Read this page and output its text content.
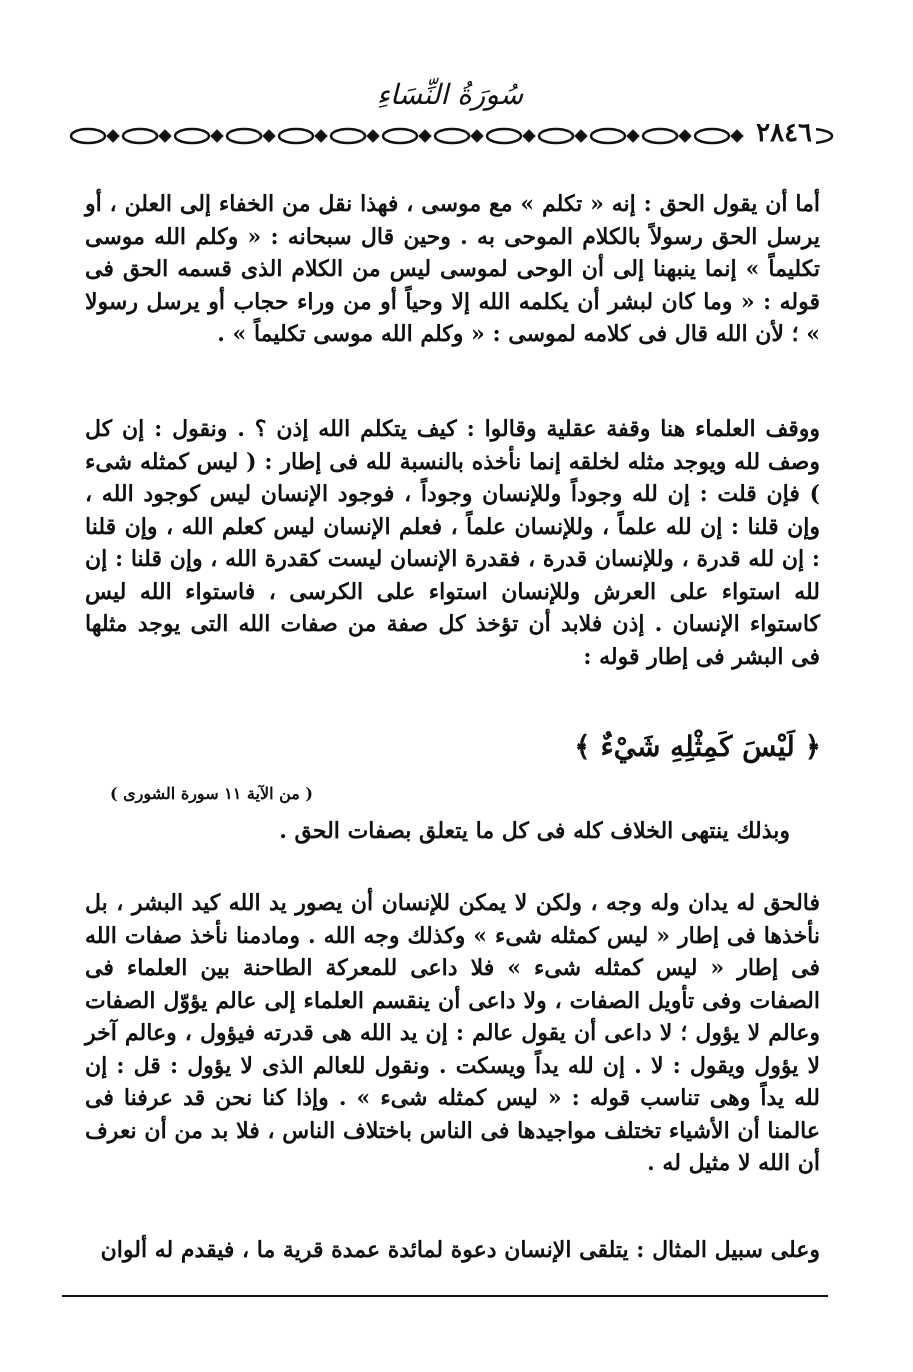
سُورَةُ النِّسَاءِ
٢٨٤٦

أما أن يقول الحق : إنه « تكلم » مع موسى ، فهذا نقل من الخفاء إلى العلن ، أو يرسل الحق رسولاً بالكلام الموحى به . وحين قال سبحانه : « وكلم الله موسى تكليماً » إنما ينبهنا إلى أن الوحى لموسى ليس من الكلام الذى قسمه الحق فى قوله : « وما كان لبشر أن يكلمه الله إلا وحياً أو من وراء حجاب أو يرسل رسولا » ؛ لأن الله قال فى كلامه لموسى : « وكلم الله موسى تكليماً » .

ووقف العلماء هنا وقفة عقلية وقالوا : كيف يتكلم الله إذن ؟ . ونقول : إن كل وصف لله ويوجد مثله لخلقه إنما نأخذه بالنسبة لله فى إطار : ( ليس كمثله شىء ) فإن قلت : إن لله وجوداً وللإنسان وجوداً ، فوجود الإنسان ليس كوجود الله ، وإن قلنا : إن لله علماً ، وللإنسان علماً ، فعلم الإنسان ليس كعلم الله ، وإن قلنا : إن لله قدرة ، وللإنسان قدرة ، فقدرة الإنسان ليست كقدرة الله ، وإن قلنا : إن لله استواء على العرش وللإنسان استواء على الكرسى ، فاستواء الله ليس كاستواء الإنسان . إذن فلابد أن تؤخذ كل صفة من صفات الله التى يوجد مثلها فى البشر فى إطار قوله :

﴿ لَيْسَ كَمِثْلِهِ شَيْءٌ ﴾
( من الآية ١١ سورة الشورى )

وبذلك ينتهى الخلاف كله فى كل ما يتعلق بصفات الحق .

فالحق له يدان وله وجه ، ولكن لا يمكن للإنسان أن يصور يد الله كيد البشر ، بل نأخذها فى إطار « ليس كمثله شىء » وكذلك وجه الله . ومادمنا نأخذ صفات الله فى إطار « ليس كمثله شىء » فلا داعى للمعركة الطاحنة بين العلماء فى الصفات وفى تأويل الصفات ، ولا داعى أن ينقسم العلماء إلى عالم يؤوّل الصفات وعالم لا يؤول ؛ لا داعى أن يقول عالم : إن يد الله هى قدرته فيؤول ، وعالم آخر لا يؤول ويقول : لا . إن لله يداً ويسكت . ونقول للعالم الذى لا يؤول : قل : إن لله يداً وهى تناسب قوله : « ليس كمثله شىء » . وإذا كنا نحن قد عرفنا فى عالمنا أن الأشياء تختلف مواجيدها فى الناس باختلاف الناس ، فلا بد من أن نعرف أن الله لا مثيل له .

وعلى سبيل المثال : يتلقى الإنسان دعوة لمائدة عمدة قرية ما ، فيقدم له ألوان
